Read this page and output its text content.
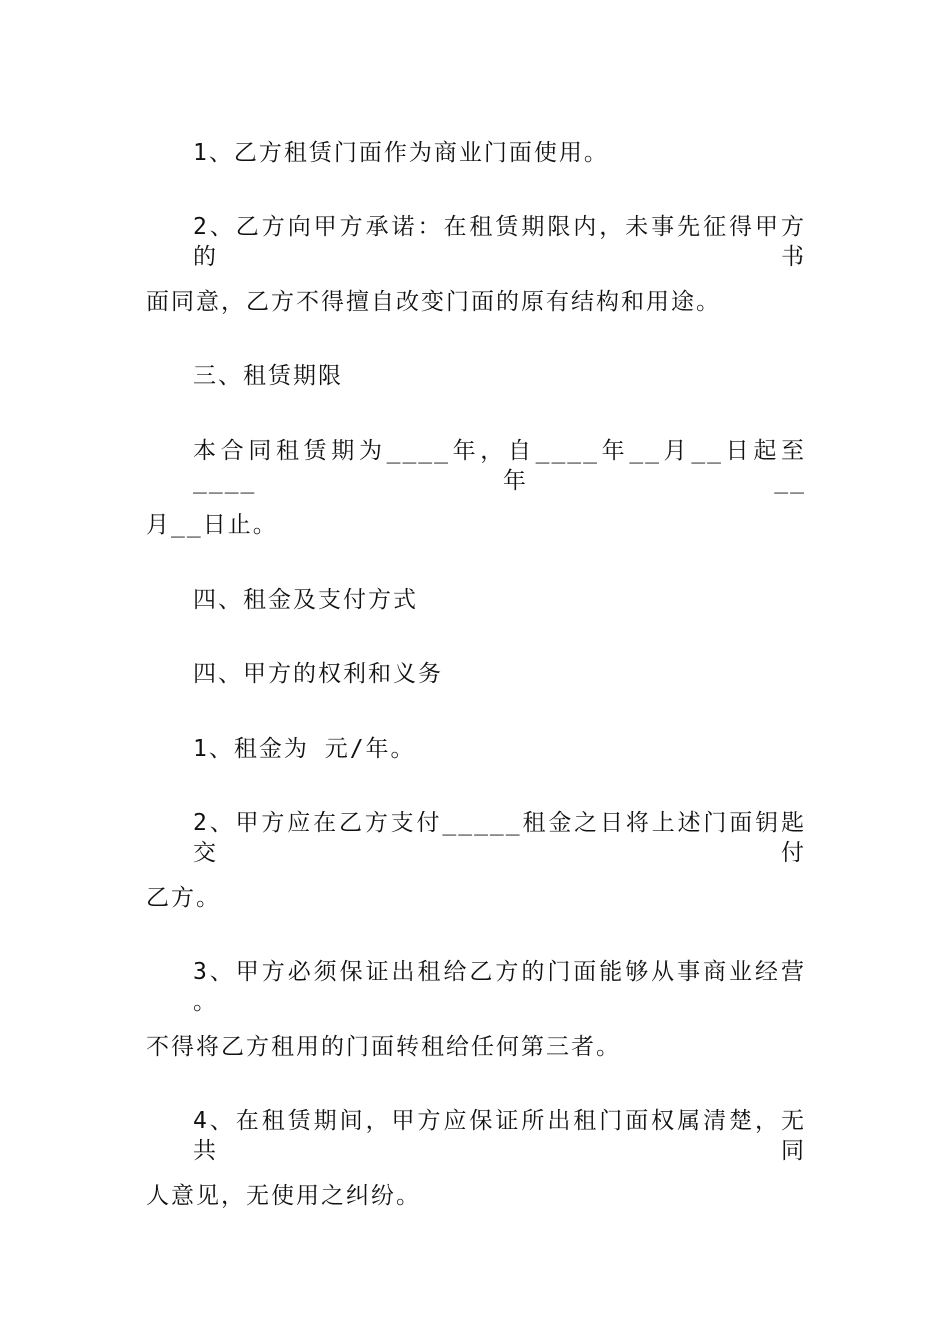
1、乙方租赁门面作为商业门面使用。
2、乙方向甲方承诺：在租赁期限内，未事先征得甲方的书
面同意，乙方不得擅自改变门面的原有结构和用途。
三、租赁期限
本合同租赁期为____年，自____年__月__日起至____年__
月__日止。
四、租金及支付方式
四、甲方的权利和义务
1、租金为 元/年。
2、甲方应在乙方支付_____租金之日将上述门面钥匙交付
乙方。
3、甲方必须保证出租给乙方的门面能够从事商业经营 。
不得将乙方租用的门面转租给任何第三者。
4、在租赁期间，甲方应保证所出租门面权属清楚，无共同
人意见，无使用之纠纷。
